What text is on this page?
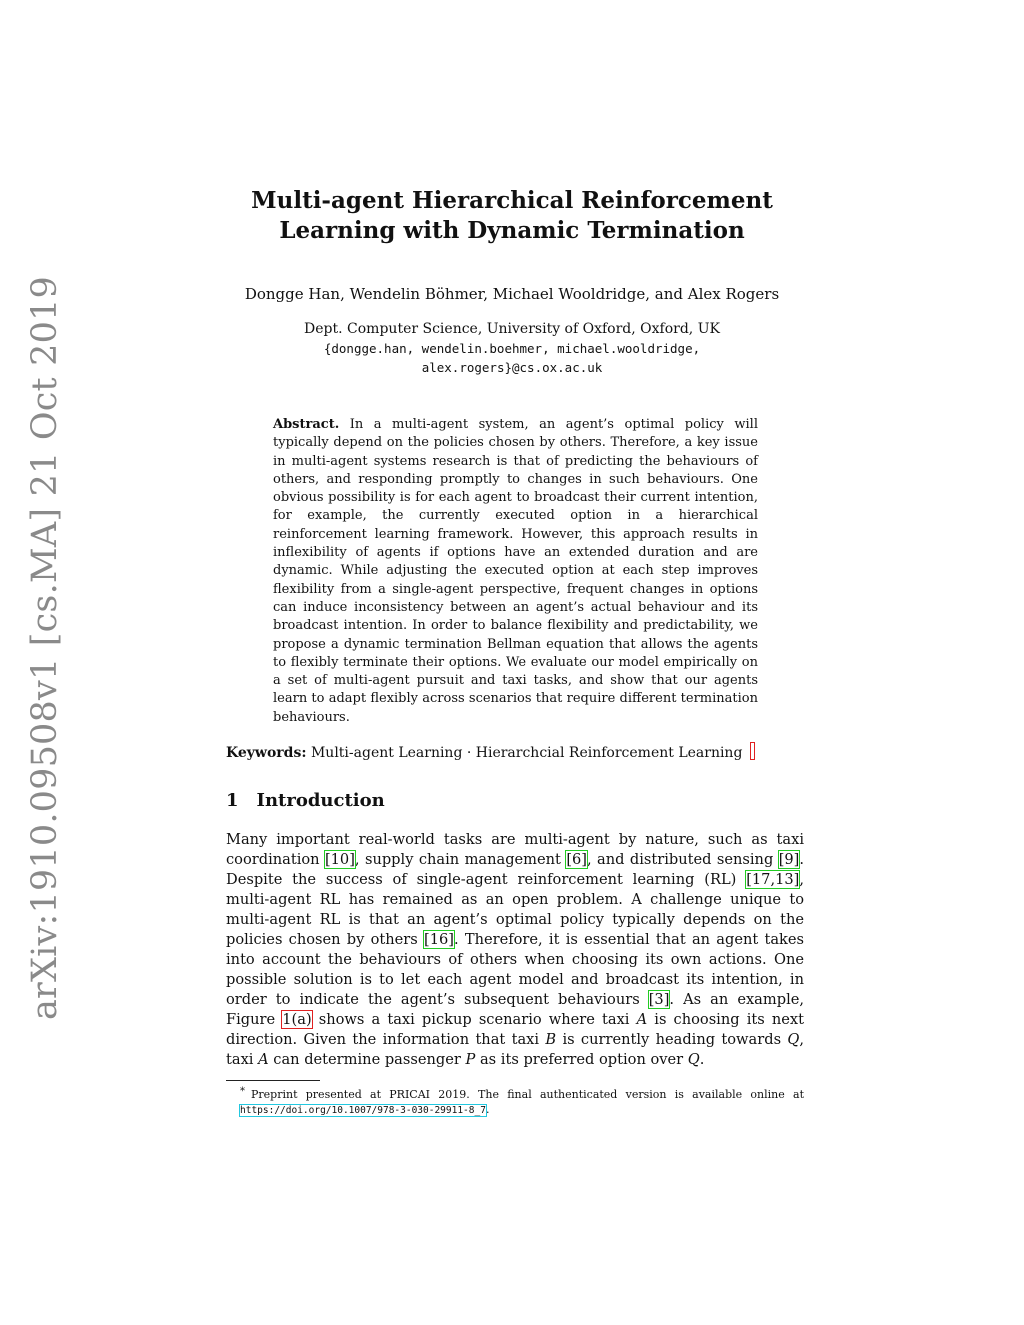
arXiv:1910.09508v1 [cs.MA] 21 Oct 2019
Multi-agent Hierarchical Reinforcement
Learning with Dynamic Termination
Dongge Han, Wendelin Böhmer, Michael Wooldridge, and Alex Rogers
Dept. Computer Science, University of Oxford, Oxford, UK
{dongge.han, wendelin.boehmer, michael.wooldridge,
alex.rogers}@cs.ox.ac.uk
Abstract. In a multi-agent system, an agent’s optimal policy will typically depend on the policies chosen by others. Therefore, a key issue in multi-agent systems research is that of predicting the behaviours of others, and responding promptly to changes in such behaviours. One obvious possibility is for each agent to broadcast their current intention, for example, the currently executed option in a hierarchical reinforcement learning framework. However, this approach results in inflexibility of agents if options have an extended duration and are dynamic. While adjusting the executed option at each step improves flexibility from a single-agent perspective, frequent changes in options can induce inconsistency between an agent’s actual behaviour and its broadcast intention. In order to balance flexibility and predictability, we propose a dynamic termination Bellman equation that allows the agents to flexibly terminate their options. We evaluate our model empirically on a set of multi-agent pursuit and taxi tasks, and show that our agents learn to adapt flexibly across scenarios that require different termination behaviours.
Keywords: Multi-agent Learning · Hierarchcial Reinforcement Learning
1 Introduction
Many important real-world tasks are multi-agent by nature, such as taxi coordination [10], supply chain management [6], and distributed sensing [9]. Despite the success of single-agent reinforcement learning (RL) [17,13], multi-agent RL has remained as an open problem. A challenge unique to multi-agent RL is that an agent’s optimal policy typically depends on the policies chosen by others [16]. Therefore, it is essential that an agent takes into account the behaviours of others when choosing its own actions. One possible solution is to let each agent model and broadcast its intention, in order to indicate the agent’s subsequent behaviours [3]. As an example, Figure 1(a) shows a taxi pickup scenario where taxi A is choosing its next direction. Given the information that taxi B is currently heading towards Q, taxi A can determine passenger P as its preferred option over Q.
* Preprint presented at PRICAI 2019. The final authenticated version is available online at https://doi.org/10.1007/978-3-030-29911-8_7.
